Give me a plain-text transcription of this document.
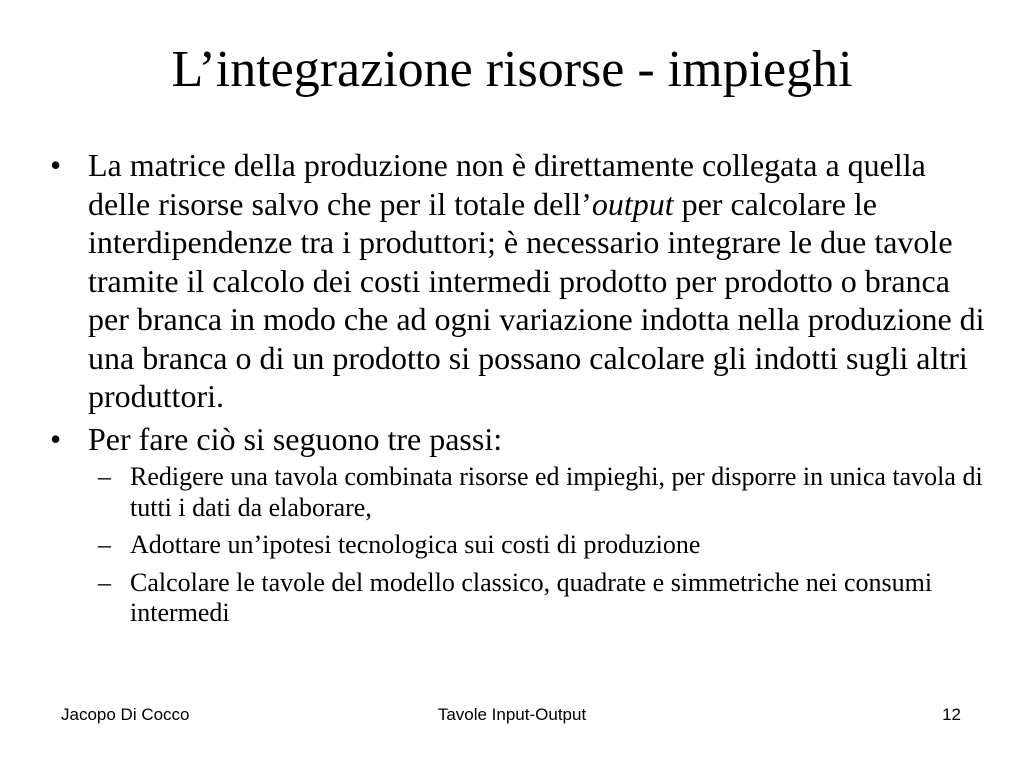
L’integrazione risorse - impieghi
• La matrice della produzione non è direttamente collegata a quella delle risorse salvo che per il totale dell’output per calcolare le interdipendenze tra i produttori; è necessario integrare le due tavole tramite il calcolo dei costi intermedi prodotto per prodotto o branca per branca in modo che ad ogni variazione indotta nella produzione di una branca o di un prodotto si possano calcolare gli indotti sugli altri produttori.
• Per fare ciò si seguono tre passi:
– Redigere una tavola combinata risorse ed impieghi, per disporre in unica tavola di tutti i dati da elaborare,
– Adottare un’ipotesi tecnologica sui costi di produzione
– Calcolare le tavole del modello classico, quadrate e simmetriche nei consumi intermedi
Jacopo Di Cocco	Tavole Input-Output	12
